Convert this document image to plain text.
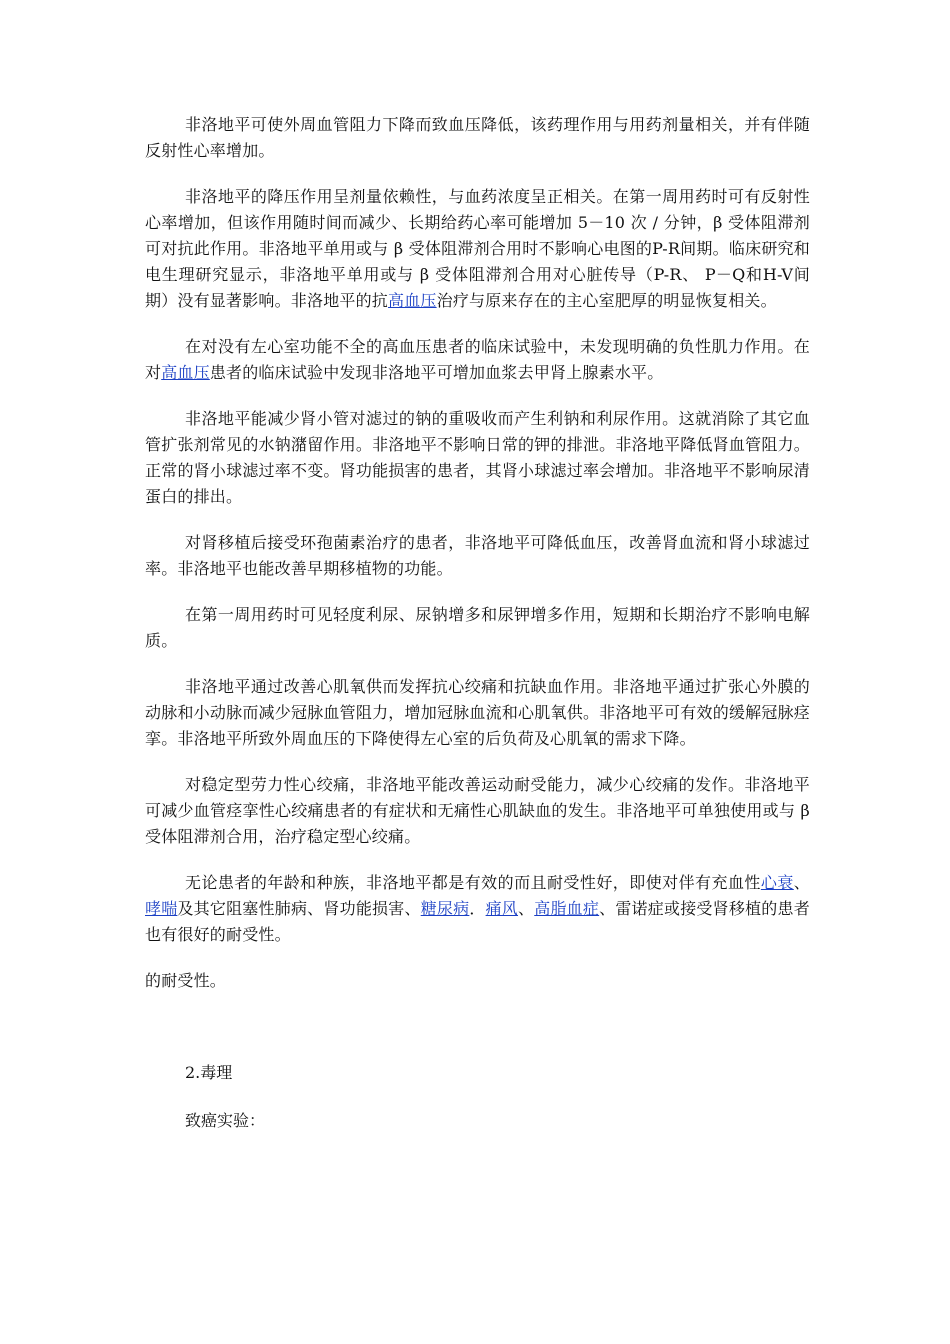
非洛地平可使外周血管阻力下降而致血压降低，该药理作用与用药剂量相关，并有伴随反射性心率增加。

非洛地平的降压作用呈剂量依赖性，与血药浓度呈正相关。在第一周用药时可有反射性心率增加，但该作用随时间而减少、长期给药心率可能增加 5－10 次 / 分钟，β 受体阻滞剂可对抗此作用。非洛地平单用或与 β 受体阻滞剂合用时不影响心电图的P-R间期。临床研究和电生理研究显示，非洛地平单用或与 β 受体阻滞剂合用对心脏传导（P-R、 P－Q和H-V间期）没有显著影响。非洛地平的抗高血压治疗与原来存在的主心室肥厚的明显恢复相关。

在对没有左心室功能不全的高血压患者的临床试验中，未发现明确的负性肌力作用。在对高血压患者的临床试验中发现非洛地平可增加血浆去甲肾上腺素水平。

非洛地平能减少肾小管对滤过的钠的重吸收而产生利钠和利尿作用。这就消除了其它血管扩张剂常见的水钠潴留作用。非洛地平不影响日常的钾的排泄。非洛地平降低肾血管阻力。正常的肾小球滤过率不变。肾功能损害的患者，其肾小球滤过率会增加。非洛地平不影响尿清蛋白的排出。

对肾移植后接受环孢菌素治疗的患者，非洛地平可降低血压，改善肾血流和肾小球滤过率。非洛地平也能改善早期移植物的功能。

在第一周用药时可见轻度利尿、尿钠增多和尿钾增多作用，短期和长期治疗不影响电解质。

非洛地平通过改善心肌氧供而发挥抗心绞痛和抗缺血作用。非洛地平通过扩张心外膜的动脉和小动脉而减少冠脉血管阻力，增加冠脉血流和心肌氧供。非洛地平可有效的缓解冠脉痉挛。非洛地平所致外周血压的下降使得左心室的后负荷及心肌氧的需求下降。

对稳定型劳力性心绞痛，非洛地平能改善运动耐受能力，减少心绞痛的发作。非洛地平可减少血管痉挛性心绞痛患者的有症状和无痛性心肌缺血的发生。非洛地平可单独使用或与 β 受体阻滞剂合用，治疗稳定型心绞痛。

无论患者的年龄和种族，非洛地平都是有效的而且耐受性好，即使对伴有充血性心衰、哮喘及其它阻塞性肺病、肾功能损害、糖尿病．痛风、高脂血症、雷诺症或接受肾移植的患者也有很好的耐受性。

的耐受性。

2.毒理

致癌实验：
